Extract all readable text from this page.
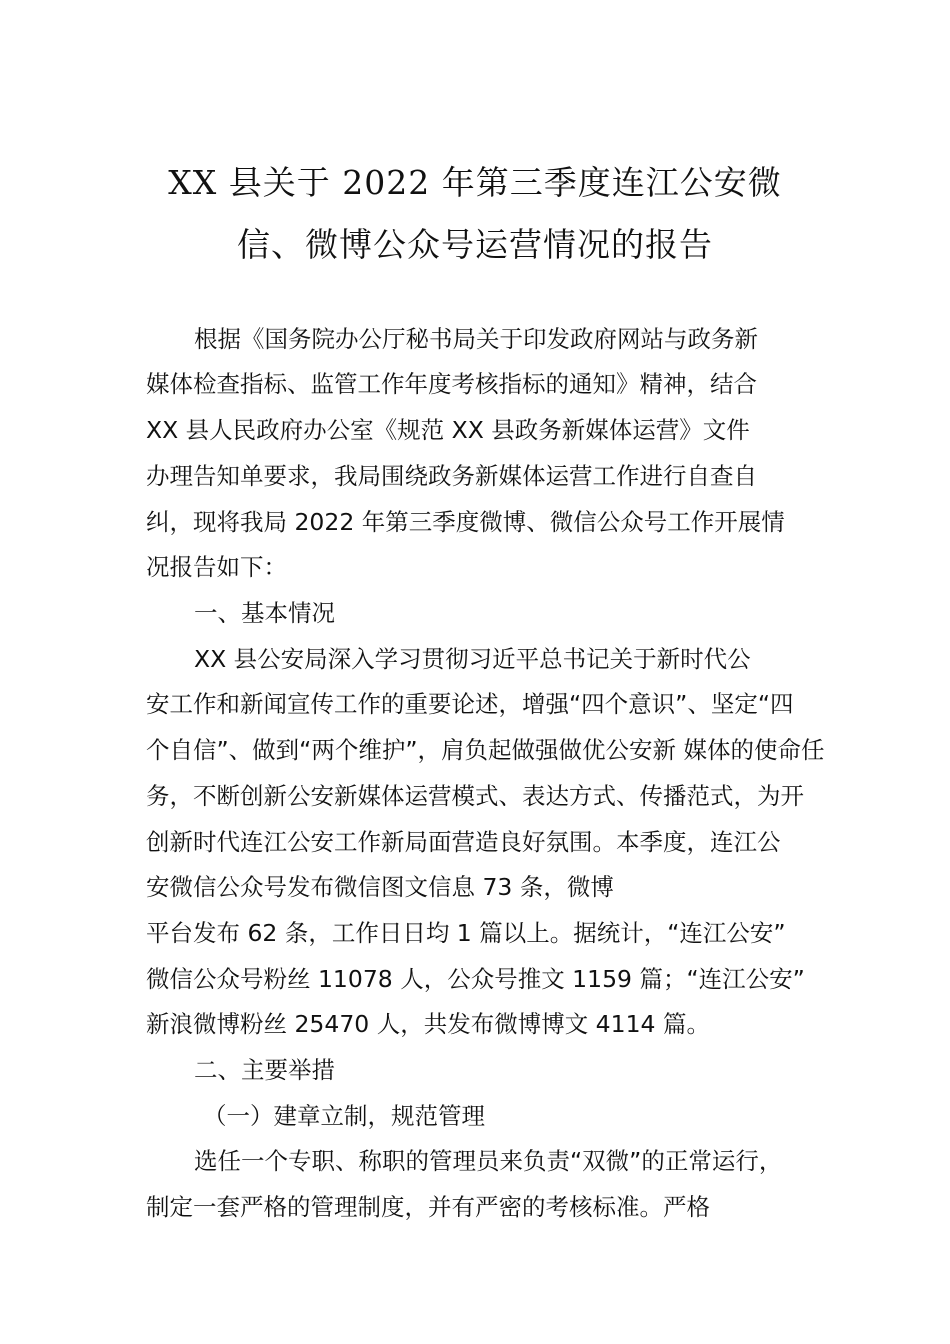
XX 县关于 2022 年第三季度连江公安微
信、微博公众号运营情况的报告
根据《国务院办公厅秘书局关于印发政府网站与政务新
媒体检查指标、监管工作年度考核指标的通知》精神，结合
XX 县人民政府办公室《规范 XX 县政务新媒体运营》文件
办理告知单要求，我局围绕政务新媒体运营工作进行自查自
纠，现将我局 2022 年第三季度微博、微信公众号工作开展情
况报告如下：
一、基本情况
XX 县公安局深入学习贯彻习近平总书记关于新时代公
安工作和新闻宣传工作的重要论述，增强“四个意识”、坚定“四
个自信”、做到“两个维护”，肩负起做强做优公安新 媒体的使命任
务，不断创新公安新媒体运营模式、表达方式、传播范式，为开
创新时代连江公安工作新局面营造良好氛围。本季度，连江公
安微信公众号发布微信图文信息 73 条，微博
平台发布 62 条，工作日日均 1 篇以上。据统计，“连江公安”
微信公众号粉丝 11078 人，公众号推文 1159 篇；“连江公安”
新浪微博粉丝 25470 人，共发布微博博文 4114 篇。
二、主要举措
（一）建章立制，规范管理
选任一个专职、称职的管理员来负责“双微”的正常运行，
制定一套严格的管理制度，并有严密的考核标准。严格
